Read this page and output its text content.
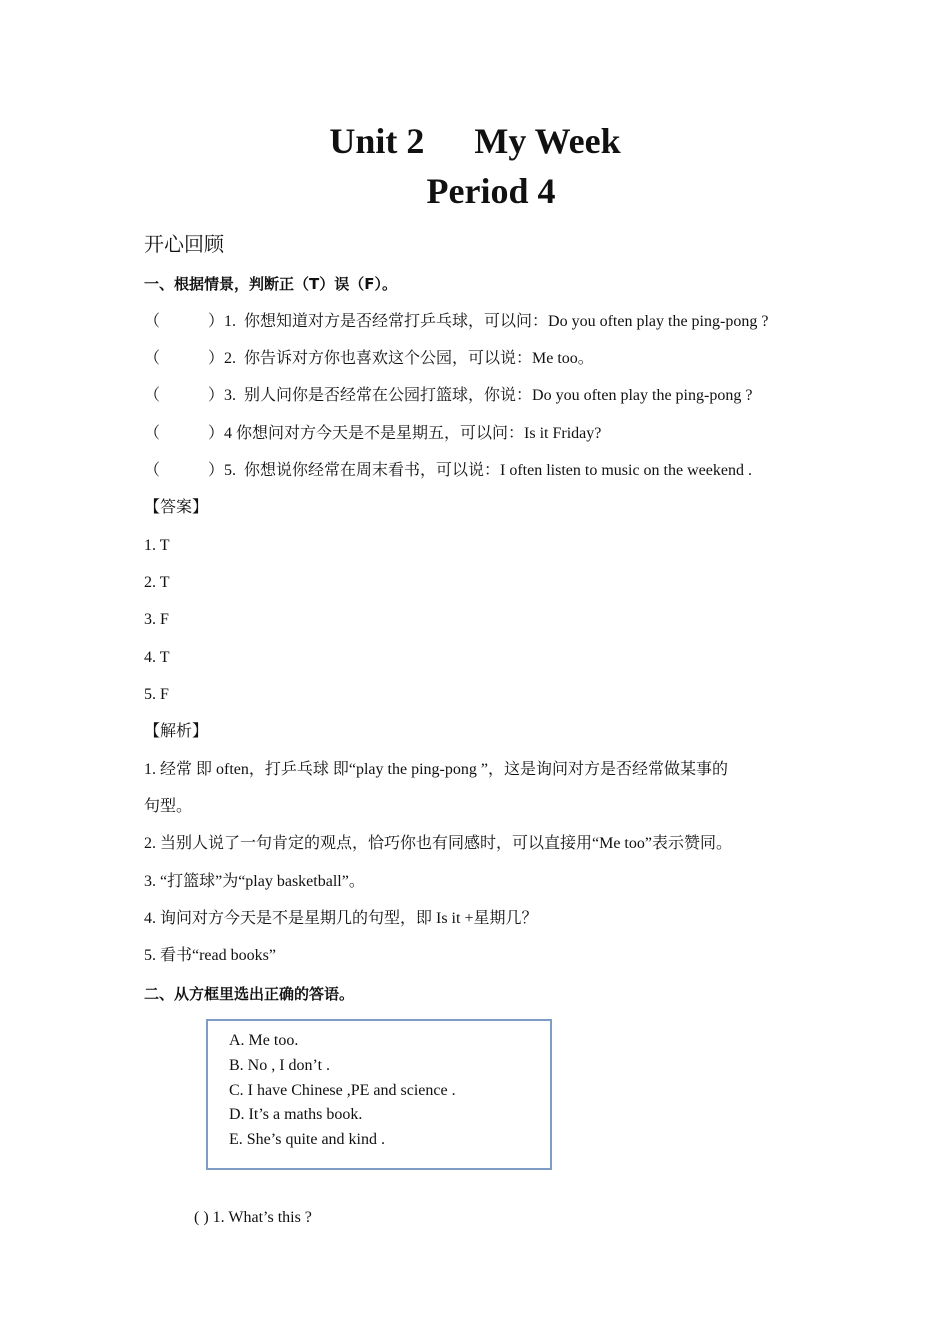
Unit 2 My Week
Period 4
开心回顾
一、根据情景，判断正（T）误（F）。
（	）1. 你想知道对方是否经常打乒乓球，可以问：Do you often play the ping-pong ?
（	）2. 你告诉对方你也喜欢这个公园，可以说：Me too。
（	）3. 别人问你是否经常在公园打篮球，你说：Do you often play the ping-pong ?
（	）4 你想问对方今天是不是星期五，可以问：Is it Friday?
（	）5. 你想说你经常在周末看书，可以说：I often listen to music on the weekend .
【答案】
1. T
2. T
3. F
4. T
5. F
【解析】
1. 经常 即 often，打乒乓球 即“play the ping-pong ”，这是询问对方是否经常做某事的
句型。
2. 当别人说了一句肯定的观点，恰巧你也有同感时，可以直接用“Me too”表示赞同。
3. “打篮球”为“play basketball”。
4. 询问对方今天是不是星期几的句型，即 Is it +星期几？
5. 看书“read books”
二、从方框里选出正确的答语。
A. Me too.
B. No , I don’t .
C. I have Chinese ,PE and science .
D. It’s a maths book.
E. She’s quite and kind .
( ) 1. What’s this ?
